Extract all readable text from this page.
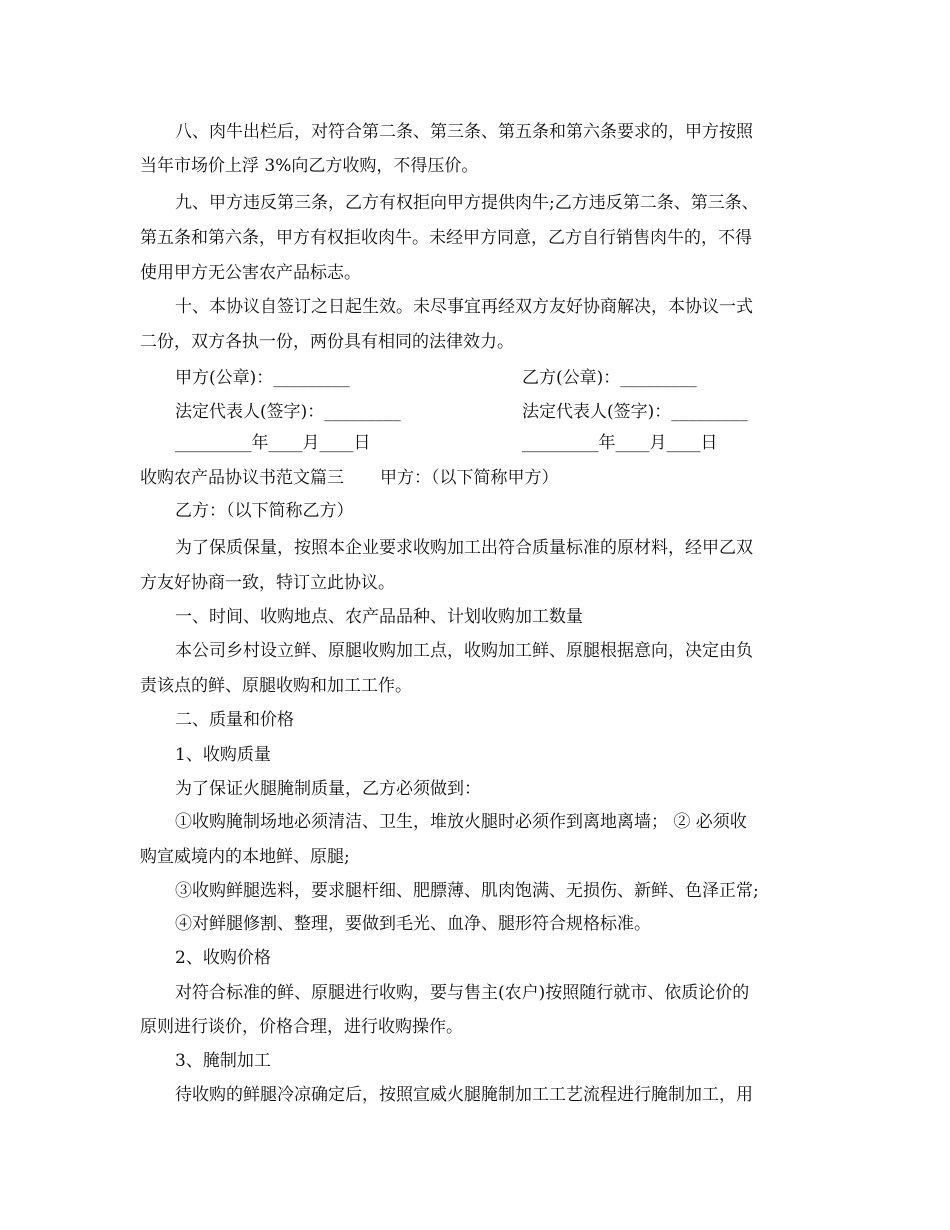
八、肉牛出栏后，对符合第二条、第三条、第五条和第六条要求的，甲方按照
当年市场价上浮 3%向乙方收购，不得压价。
九、甲方违反第三条，乙方有权拒向甲方提供肉牛;乙方违反第二条、第三条、
第五条和第六条，甲方有权拒收肉牛。未经甲方同意，乙方自行销售肉牛的，不得
使用甲方无公害农产品标志。
十、本协议自签订之日起生效。未尽事宜再经双方友好协商解决，本协议一式
二份，双方各执一份，两份具有相同的法律效力。
甲方(公章)：_________	乙方(公章)：_________
法定代表人(签字)：_________	法定代表人(签字)：_________
_________年____月____日	_________年____月____日
收购农产品协议书范文篇三 甲方：（以下简称甲方）
乙方：（以下简称乙方）
为了保质保量，按照本企业要求收购加工出符合质量标准的原材料，经甲乙双
方友好协商一致，特订立此协议。
一、时间、收购地点、农产品品种、计划收购加工数量
本公司乡村设立鲜、原腿收购加工点，收购加工鲜、原腿根据意向，决定由负
责该点的鲜、原腿收购和加工工作。
二、质量和价格
1、收购质量
为了保证火腿腌制质量，乙方必须做到：
①收购腌制场地必须清洁、卫生，堆放火腿时必须作到离地离墙； ② 必须收
购宣威境内的本地鲜、原腿;
③收购鲜腿选料，要求腿杆细、肥膘薄、肌肉饱满、无损伤、新鲜、色泽正常;
④对鲜腿修割、整理，要做到毛光、血净、腿形符合规格标准。
2、收购价格
对符合标准的鲜、原腿进行收购，要与售主(农户)按照随行就市、依质论价的
原则进行谈价，价格合理，进行收购操作。
3、腌制加工
待收购的鲜腿冷凉确定后，按照宣威火腿腌制加工工艺流程进行腌制加工，用
